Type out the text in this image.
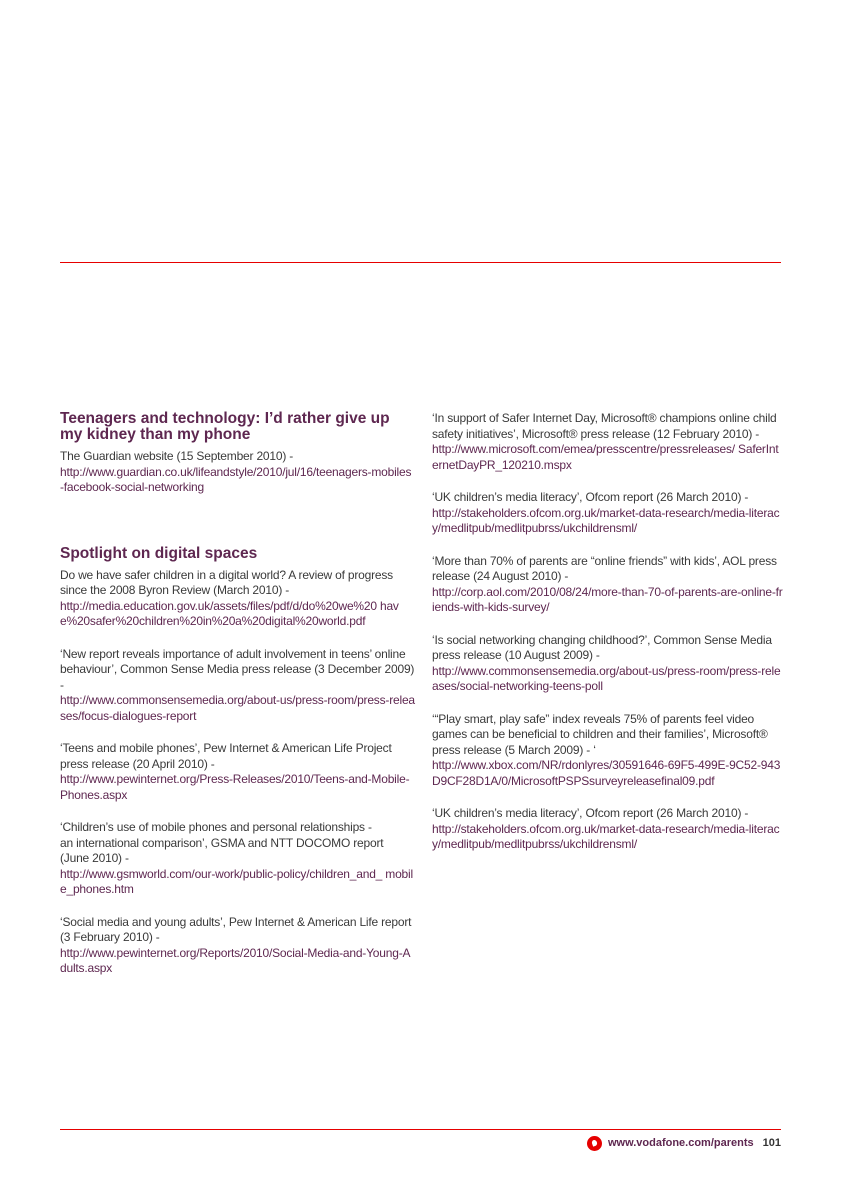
Teenagers and technology: I’d rather give up my kidney than my phone
The Guardian website (15 September 2010) -
http://www.guardian.co.uk/lifeandstyle/2010/jul/16/teenagers-mobiles-facebook-social-networking
Spotlight on digital spaces
Do we have safer children in a digital world? A review of progress since the 2008 Byron Review (March 2010) -
http://media.education.gov.uk/assets/files/pdf/d/do%20we%20 have%20safer%20children%20in%20a%20digital%20world.pdf
‘New report reveals importance of adult involvement in teens’ online behaviour’, Common Sense Media press release (3 December 2009) -
http://www.commonsensemedia.org/about-us/press-room/press-releases/focus-dialogues-report
‘Teens and mobile phones’, Pew Internet & American Life Project press release (20 April 2010) -
http://www.pewinternet.org/Press-Releases/2010/Teens-and-Mobile-Phones.aspx
‘Children’s use of mobile phones and personal relationships -
an international comparison’, GSMA and NTT DOCOMO report
(June 2010) -
http://www.gsmworld.com/our-work/public-policy/children_and_ mobile_phones.htm
‘Social media and young adults’, Pew Internet & American Life report (3 February 2010) -
http://www.pewinternet.org/Reports/2010/Social-Media-and-Young-Adults.aspx
‘In support of Safer Internet Day, Microsoft® champions online child safety initiatives’, Microsoft® press release (12 February 2010) -
http://www.microsoft.com/emea/presscentre/pressreleases/ SaferInternetDayPR_120210.mspx
‘UK children’s media literacy’, Ofcom report (26 March 2010) -
http://stakeholders.ofcom.org.uk/market-data-research/media-literacy/medlitpub/medlitpubrss/ukchildrensml/
‘More than 70% of parents are “online friends” with kids’, AOL press release (24 August 2010) -
http://corp.aol.com/2010/08/24/more-than-70-of-parents-are-online-friends-with-kids-survey/
‘Is social networking changing childhood?’, Common Sense Media press release (10 August 2009) -
http://www.commonsensemedia.org/about-us/press-room/press-releases/social-networking-teens-poll
‘“Play smart, play safe” index reveals 75% of parents feel video games can be beneficial to children and their families’, Microsoft® press release (5 March 2009) - ‘
http://www.xbox.com/NR/rdonlyres/30591646-69F5-499E-9C52-943D9CF28D1A/0/MicrosoftPSPSsurveyreleasefinal09.pdf
‘UK children’s media literacy’, Ofcom report (26 March 2010) -
http://stakeholders.ofcom.org.uk/market-data-research/media-literacy/medlitpub/medlitpubrss/ukchildrensml/
www.vodafone.com/parents 101
